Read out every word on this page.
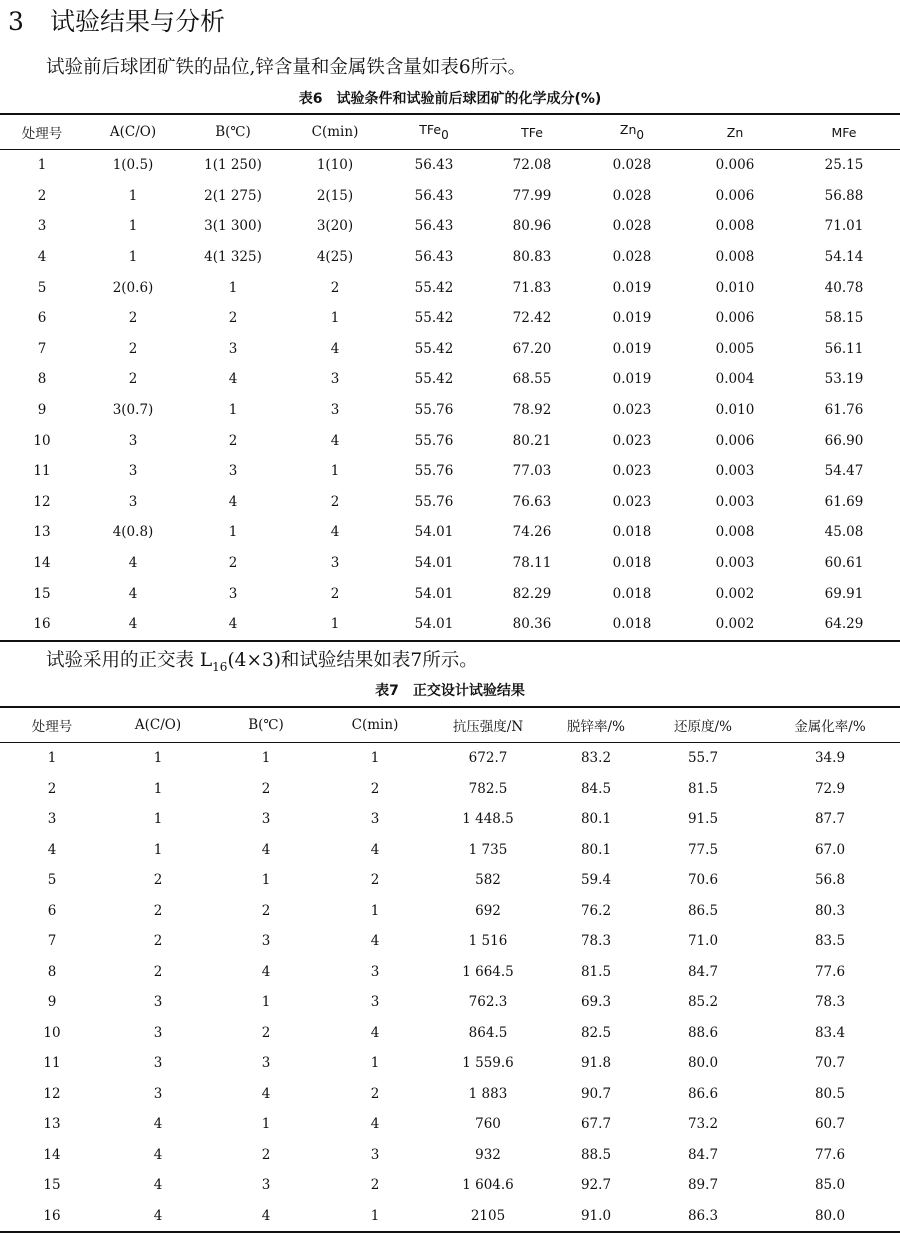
3 试验结果与分析
试验前后球团矿铁的品位,锌含量和金属铁含量如表6所示。
表6　试验条件和试验前后球团矿的化学成分(%)
处理号	A(C/O)	B(℃)	C(min)	TFe0	TFe	Zn0	Zn	MFe
1	1(0.5)	1(1 250)	1(10)	56.43	72.08	0.028	0.006	25.15
2	1	2(1 275)	2(15)	56.43	77.99	0.028	0.006	56.88
3	1	3(1 300)	3(20)	56.43	80.96	0.028	0.008	71.01
4	1	4(1 325)	4(25)	56.43	80.83	0.028	0.008	54.14
5	2(0.6)	1	2	55.42	71.83	0.019	0.010	40.78
6	2	2	1	55.42	72.42	0.019	0.006	58.15
7	2	3	4	55.42	67.20	0.019	0.005	56.11
8	2	4	3	55.42	68.55	0.019	0.004	53.19
9	3(0.7)	1	3	55.76	78.92	0.023	0.010	61.76
10	3	2	4	55.76	80.21	0.023	0.006	66.90
11	3	3	1	55.76	77.03	0.023	0.003	54.47
12	3	4	2	55.76	76.63	0.023	0.003	61.69
13	4(0.8)	1	4	54.01	74.26	0.018	0.008	45.08
14	4	2	3	54.01	78.11	0.018	0.003	60.61
15	4	3	2	54.01	82.29	0.018	0.002	69.91
16	4	4	1	54.01	80.36	0.018	0.002	64.29
试验采用的正交表 $L_{16}(4\times 3)$和试验结果如表7所示。
表7　正交设计试验结果
处理号	A(C/O)	B(℃)	C(min)	抗压强度/N	脱锌率/%	还原度/%	金属化率/%
1	1	1	1	672.7	83.2	55.7	34.9
2	1	2	2	782.5	84.5	81.5	72.9
3	1	3	3	1 448.5	80.1	91.5	87.7
4	1	4	4	1 735	80.1	77.5	67.0
5	2	1	2	582	59.4	70.6	56.8
6	2	2	1	692	76.2	86.5	80.3
7	2	3	4	1 516	78.3	71.0	83.5
8	2	4	3	1 664.5	81.5	84.7	77.6
9	3	1	3	762.3	69.3	85.2	78.3
10	3	2	4	864.5	82.5	88.6	83.4
11	3	3	1	1 559.6	91.8	80.0	70.7
12	3	4	2	1 883	90.7	86.6	80.5
13	4	1	4	760	67.7	73.2	60.7
14	4	2	3	932	88.5	84.7	77.6
15	4	3	2	1 604.6	92.7	89.7	85.0
16	4	4	1	2105	91.0	86.3	80.0
